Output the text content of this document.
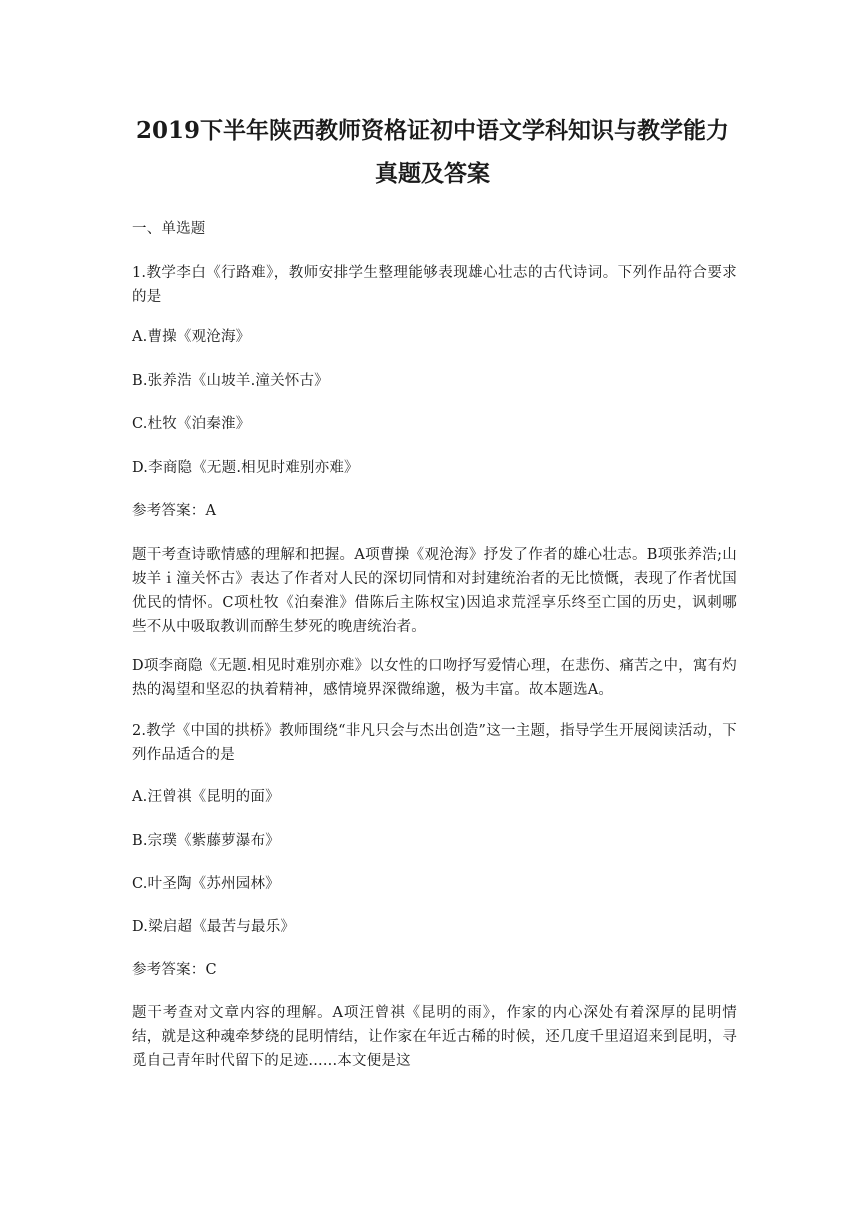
2019下半年陕西教师资格证初中语文学科知识与教学能力
真题及答案

一、单选题

1.教学李白《行路难》，教师安排学生整理能够表现雄心壮志的古代诗词。下列作品符合要求的是

A.曹操《观沧海》

B.张养浩《山坡羊.潼关怀古》

C.杜牧《泊秦淮》

D.李商隐《无题.相见时难别亦难》

参考答案：A

题干考查诗歌情感的理解和把握。A项曹操《观沧海》抒发了作者的雄心壮志。B项张养浩;山坡羊ｉ潼关怀古》表达了作者对人民的深切同情和对封建统治者的无比愤慨，表现了作者忧国优民的情怀。C项杜牧《泊秦淮》借陈后主陈权宝)因追求荒淫享乐终至亡国的历史，讽刺哪些不从中吸取教训而醉生梦死的晚唐统治者。

D项李商隐《无题.相见时难别亦难》以女性的口吻抒写爱情心理，在悲伤、痛苦之中，寓有灼热的渴望和坚忍的执着精神，感情境界深微绵邈，极为丰富。故本题选A。

2.教学《中国的拱桥》教师围绕“非凡只会与杰出创造”这一主题，指导学生开展阅读活动，下列作品适合的是

A.汪曾祺《昆明的面》

B.宗璞《紫藤萝瀑布》

C.叶圣陶《苏州园林》

D.梁启超《最苦与最乐》

参考答案：C

题干考查对文章内容的理解。A项汪曾祺《昆明的雨》，作家的内心深处有着深厚的昆明情结，就是这种魂牵梦绕的昆明情结，让作家在年近古稀的时候，还几度千里迢迢来到昆明，寻觅自己青年时代留下的足迹......本文便是这
